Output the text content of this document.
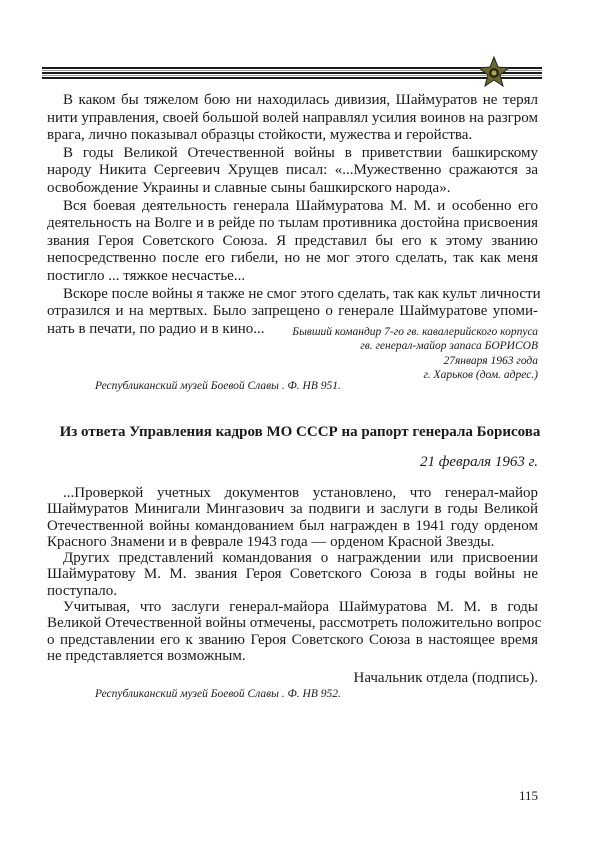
В каком бы тяжелом бою ни находилась дивизия, Шаймуратов не терял
нити управления, своей большой волей направлял усилия воинов на разгром
врага, лично показывал образцы стойкости, мужества и геройства.
В годы Великой Отечественной войны в приветствии башкирскому
народу Никита Сергеевич Хрущев писал: «...Мужественно сражаются за
освобождение Украины и славные сыны башкирского народа».
Вся боевая деятельность генерала Шаймуратова М. М. и особенно его
деятельность на Волге и в рейде по тылам противника достойна присвоения
звания Героя Советского Союза. Я представил бы его к этому званию
непосредственно после его гибели, но не мог этого сделать, так как меня
постигло ... тяжкое несчастье...
Вскоре после войны я также не смог этого сделать, так как культ личности
отразился и на мертвых. Было запрещено о генерале Шаймуратове упоми-
нать в печати, по радио и в кино...	Бывший командир 7-го гв. кавалерийского корпуса
гв. генерал-майор запаса БОРИСОВ
27января 1963 года
г. Харьков (дом. адрес.)
Республиканский музей Боевой Славы . Ф. НВ 951.
Из ответа Управления кадров МО СССР на рапорт генерала Борисова
21 февраля 1963 г.
...Проверкой учетных документов установлено, что генерал-майор
Шаймуратов Минигали Мингазович за подвиги и заслуги в годы Великой
Отечественной войны командованием был награжден в 1941 году орденом
Красного Знамени и в феврале 1943 года — орденом Красной Звезды.
Других представлений командования о награждении или присвоении
Шаймуратову М. М. звания Героя Советского Союза в годы войны не
поступало.
Учитывая, что заслуги генерал-майора Шаймуратова М. М. в годы
Великой Отечественной войны отмечены, рассмотреть положительно вопрос
о представлении его к званию Героя Советского Союза в настоящее время
не представляется возможным.
Начальник отдела (подпись).
Республиканский музей Боевой Славы . Ф. НВ 952.
115
